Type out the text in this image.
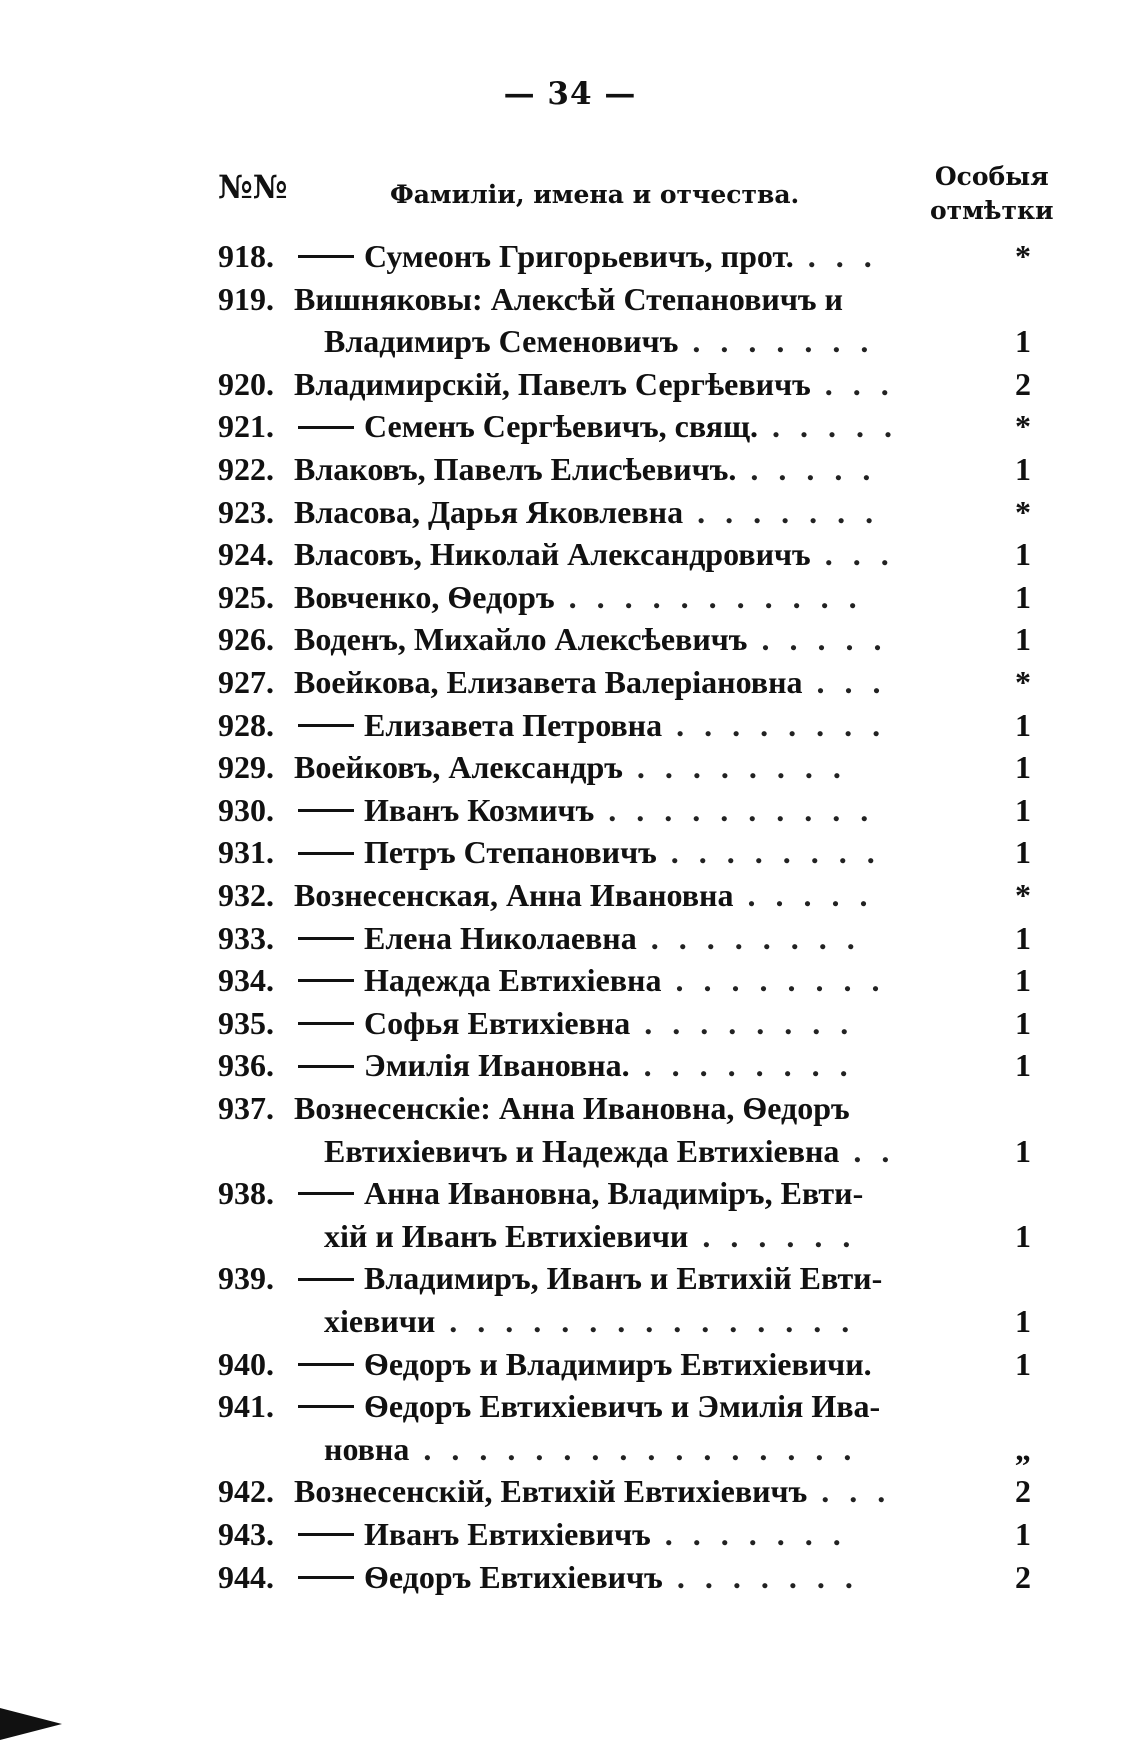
— 34 —
№№	Фамиліи, имена и отчества.
Особыя
отмѣтки
918.	Сумеонъ Григорьевичъ, прот. . . .	*
919. Вишняковы: Алексѣй Степановичъ и
Владимиръ Семеновичъ . . . . . . .	1
920. Владимирскій, Павелъ Сергѣевичъ . . .	2
921.	Семенъ Сергѣевичъ, свящ. . . . . .	*
922. Влаковъ, Павелъ Елисѣевичъ. . . . . .	1
923. Власова, Дарья Яковлевна . . . . . . .	*
924. Власовъ, Николай Александровичъ . . .	1
925. Вовченко, Ѳедоръ . . . . . . . . . . .	1
926. Воденъ, Михайло Алексѣевичъ . . . . .	1
927. Воейкова, Елизавета Валеріановна . . .	*
928.	Елизавета Петровна . . . . . . . .	1
929. Воейковъ, Александръ . . . . . . . .	1
930.	Иванъ Козмичъ . . . . . . . . . .	1
931.	Петръ Степановичъ . . . . . . . .	1
932. Вознесенская, Анна Ивановна . . . . .	*
933.	Елена Николаевна . . . . . . . .	1
934.	Надежда Евтихіевна . . . . . . . .	1
935.	Софья Евтихіевна . . . . . . . .	1
936.	Эмилія Ивановна. . . . . . . . .	1
937. Вознесенскіе: Анна Ивановна, Ѳедоръ
Евтихіевичъ и Надежда Евтихіевна . .	1
938.	Анна Ивановна, Владиміръ, Евти-
хій и Иванъ Евтихіевичи . . . . . .	1
939.	Владимиръ, Иванъ и Евтихій Евти-
хіевичи . . . . . . . . . . . . . . .	1
940.	Ѳедоръ и Владимиръ Евтихіевичи.	1
941.	Ѳедоръ Евтихіевичъ и Эмилія Ива-
новна . . . . . . . . . . . . . . . .	„
942. Вознесенскій, Евтихій Евтихіевичъ . . .	2
943.	Иванъ Евтихіевичъ . . . . . . .	1
944.	Ѳедоръ Евтихіевичъ . . . . . . .	2
